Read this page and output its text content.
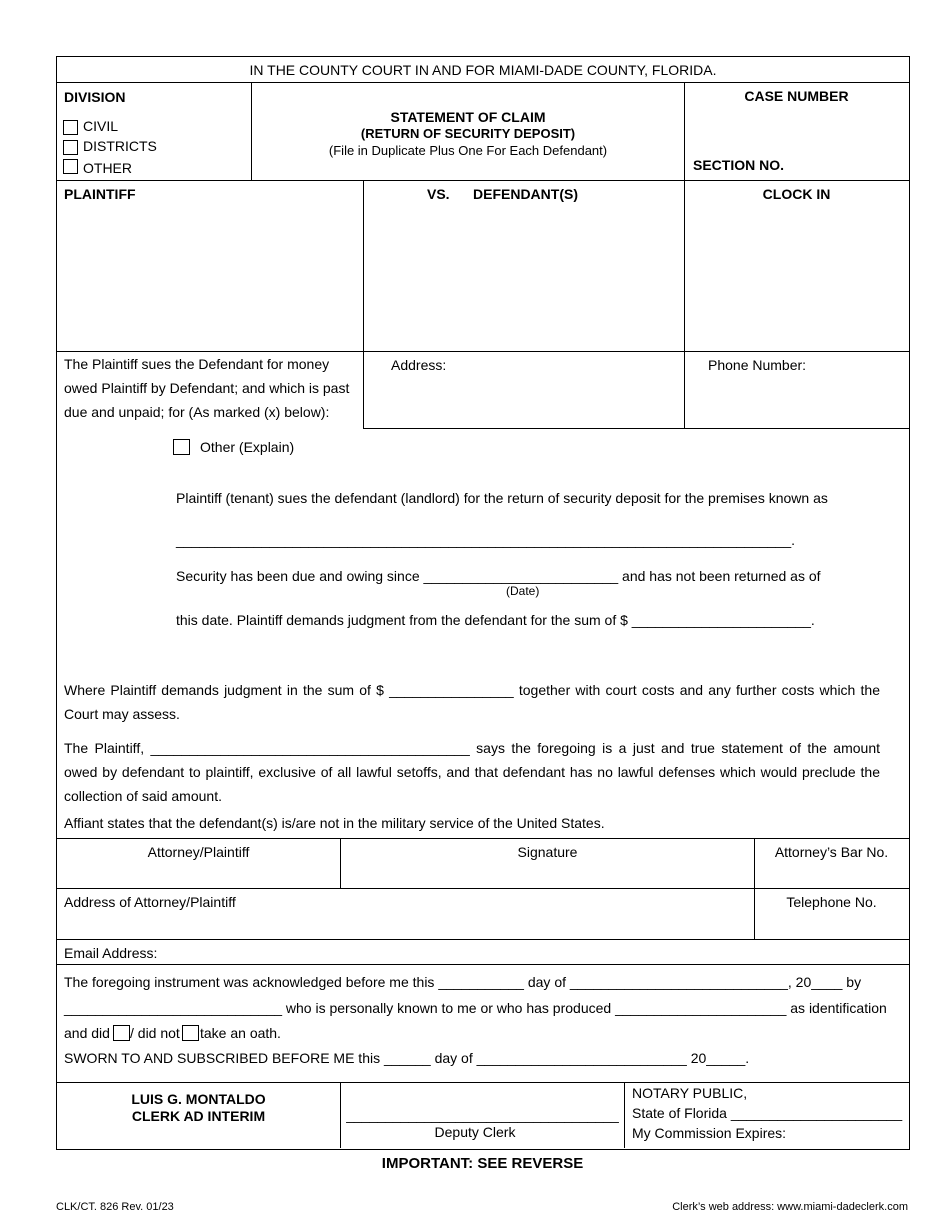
IN THE COUNTY COURT IN AND FOR MIAMI-DADE COUNTY, FLORIDA.
DIVISION
CIVIL
DISTRICTS
OTHER
STATEMENT OF CLAIM
(RETURN OF SECURITY DEPOSIT)
(File in Duplicate Plus One For Each Defendant)
CASE NUMBER
SECTION NO.
PLAINTIFF	VS. DEFENDANT(S)	CLOCK IN
The Plaintiff sues the Defendant for money owed Plaintiff by Defendant; and which is past due and unpaid; for (As marked (x) below):
Address:	Phone Number:
Other (Explain)
Plaintiff (tenant) sues the defendant (landlord) for the return of security deposit for the premises known as
_______________________________________________________________________________.
Security has been due and owing since _________________________ and has not been returned as of
(Date)
this date. Plaintiff demands judgment from the defendant for the sum of $ _______________________.
Where Plaintiff demands judgment in the sum of $ ________________ together with court costs and any further costs which the Court may assess.
The Plaintiff, _________________________________________ says the foregoing is a just and true statement of the amount owed by defendant to plaintiff, exclusive of all lawful setoffs, and that defendant has no lawful defenses which would preclude the collection of said amount.
Affiant states that the defendant(s) is/are not in the military service of the United States.
Attorney/Plaintiff	Signature	Attorney’s Bar No.
Address of Attorney/Plaintiff	Telephone No.
Email Address:
The foregoing instrument was acknowledged before me this ___________ day of ____________________________, 20____ by
____________________________ who is personally known to me or who has produced ______________________ as identification
and did / did not take an oath.
SWORN TO AND SUBSCRIBED BEFORE ME this ______ day of ___________________________ 20_____.
LUIS G. MONTALDO
CLERK AD INTERIM	___________________________________
Deputy Clerk
NOTARY PUBLIC,
State of Florida ______________________
My Commission Expires:
IMPORTANT: SEE REVERSE
CLK/CT. 826 Rev. 01/23	Clerk’s web address: www.miami-dadeclerk.com
